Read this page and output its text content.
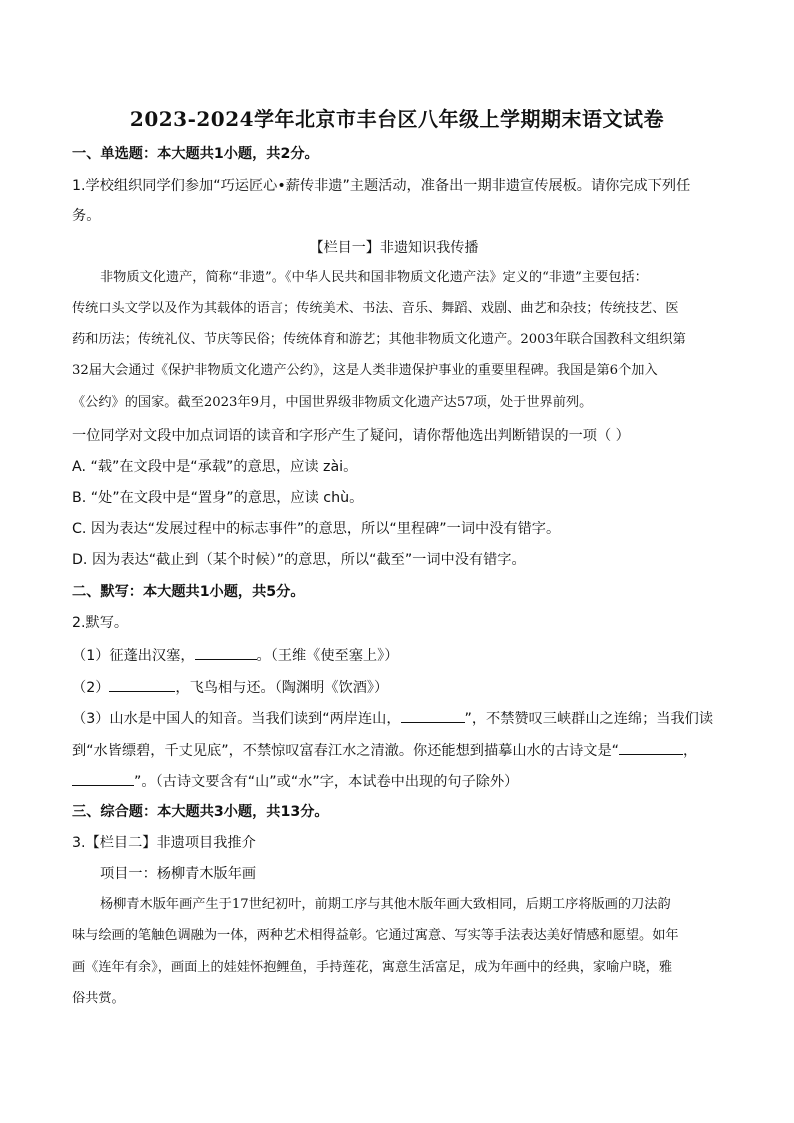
2023-2024学年北京市丰台区八年级上学期期末语文试卷
一、单选题：本大题共1小题，共2分。
1.学校组织同学们参加“巧运匠心•薪传非遗”主题活动，准备出一期非遗宣传展板。请你完成下列任
务。
【栏目一】非遗知识我传播
非物质文化遗产，简称“非遗”。《中华人民共和国非物质文化遗产法》定义的“非遗”主要包括：
传统口头文学以及作为其载体的语言；传统美术、书法、音乐、舞蹈、戏剧、曲艺和杂技；传统技艺、医
药和历法；传统礼仪、节庆等民俗；传统体育和游艺；其他非物质文化遗产。2003年联合国教科文组织第
32届大会通过《保护非物质文化遗产公约》，这是人类非遗保护事业的重要里程碑。我国是第6个加入
《公约》的国家。截至2023年9月，中国世界级非物质文化遗产达57项，处于世界前列。
一位同学对文段中加点词语的读音和字形产生了疑问，请你帮他选出判断错误的一项（ ）
A. “载”在文段中是“承载”的意思，应读 zài。
B. “处”在文段中是“置身”的意思，应读 chù。
C. 因为表达“发展过程中的标志事件”的意思，所以“里程碑”一词中没有错字。
D. 因为表达“截止到（某个时候）”的意思，所以“截至”一词中没有错字。
二、默写：本大题共1小题，共5分。
2.默写。
（1）征蓬出汉塞，	。（王维《使至塞上》）
（2）	，飞鸟相与还。（陶渊明《饮酒》）
（3）山水是中国人的知音。当我们读到“两岸连山，	”，不禁赞叹三峡群山之连绵；当我们读
到“水皆缥碧，千丈见底”，不禁惊叹富春江水之清澈。你还能想到描摹山水的古诗文是“	，
”。（古诗文要含有“山”或“水”字，本试卷中出现的句子除外）
三、综合题：本大题共3小题，共13分。
3.【栏目二】非遗项目我推介
项目一：杨柳青木版年画
杨柳青木版年画产生于17世纪初叶，前期工序与其他木版年画大致相同，后期工序将版画的刀法韵
味与绘画的笔触色调融为一体，两种艺术相得益彰。它通过寓意、写实等手法表达美好情感和愿望。如年
画《连年有余》，画面上的娃娃怀抱鲤鱼，手持莲花，寓意生活富足，成为年画中的经典，家喻户晓，雅
俗共赏。
